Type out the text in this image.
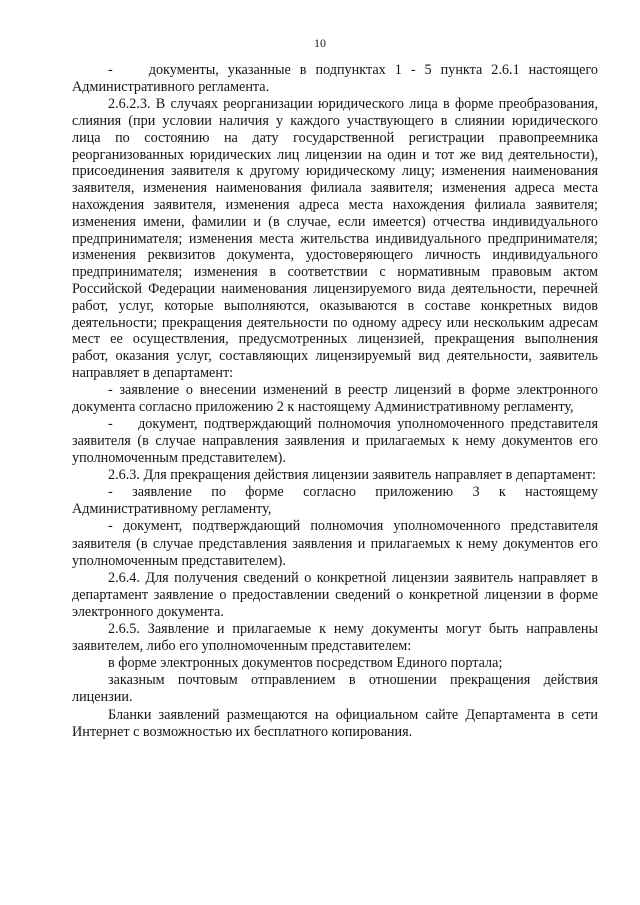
10

-    документы, указанные в подпунктах 1 - 5 пункта 2.6.1 настоящего Административного регламента.

2.6.2.3. В случаях реорганизации юридического лица в форме преобразования, слияния (при условии наличия у каждого участвующего в слиянии юридического лица по состоянию на дату государственной регистрации правопреемника реорганизованных юридических лиц лицензии на один и тот же вид деятельности), присоединения заявителя к другому юридическому лицу; изменения наименования заявителя, изменения наименования филиала заявителя; изменения адреса места нахождения заявителя, изменения адреса места нахождения филиала заявителя; изменения имени, фамилии и (в случае, если имеется) отчества индивидуального предпринимателя; изменения места жительства индивидуального предпринимателя; изменения реквизитов документа, удостоверяющего личность индивидуального предпринимателя; изменения в соответствии с нормативным правовым актом Российской Федерации наименования лицензируемого вида деятельности, перечней работ, услуг, которые выполняются, оказываются в составе конкретных видов деятельности; прекращения деятельности по одному адресу или нескольким адресам мест ее осуществления, предусмотренных лицензией, прекращения выполнения работ, оказания услуг, составляющих лицензируемый вид деятельности, заявитель направляет в департамент:

- заявление о внесении изменений в реестр лицензий в форме электронного документа согласно приложению 2 к настоящему Административному регламенту,

-    документ, подтверждающий полномочия уполномоченного представителя заявителя (в случае направления заявления и прилагаемых к нему документов его уполномоченным представителем).

2.6.3. Для прекращения действия лицензии заявитель направляет в департамент:

- заявление по форме согласно приложению 3 к настоящему Административному регламенту,

- документ, подтверждающий полномочия уполномоченного представителя заявителя (в случае представления заявления и прилагаемых к нему документов его уполномоченным представителем).

2.6.4. Для получения сведений о конкретной лицензии заявитель направляет в департамент заявление о предоставлении сведений о конкретной лицензии в форме электронного документа.

2.6.5. Заявление и прилагаемые к нему документы могут быть направлены заявителем, либо его уполномоченным представителем:

в форме электронных документов посредством Единого портала;

заказным почтовым отправлением в отношении прекращения действия лицензии.

Бланки заявлений размещаются на официальном сайте Департамента в сети Интернет с возможностью их бесплатного копирования.
